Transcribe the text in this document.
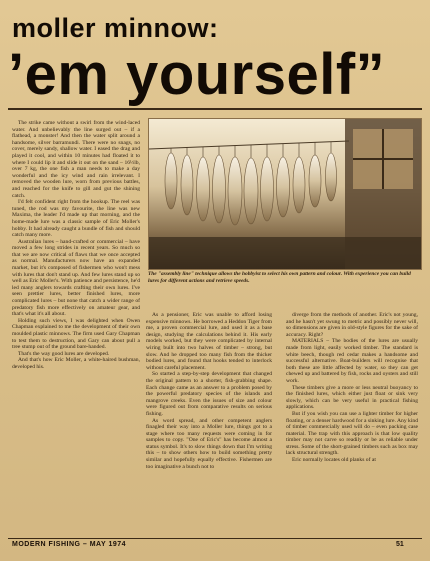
moller minnow:
’em yourself”

The strike came without a swirl from the wind-laced water. And unbelievably the line surged out – if a flathead, a monster! And then the water split around a handsome, silver barramundi. There were no snags, no cover, merely sandy, shallow water. I eased the drag and played it cool, and within 10 minutes had floated it to where I could lip it and slide it out on the sand – 16½lb, over 7 kg, the one fish a man needs to make a day wonderful and the icy wind and rain irrelevant. I removed the wooden lure, worn from previous battles, and reached for the knife to gill and gut the shining catch.

I'd felt confident right from the hookup. The reel was tuned, the rod was my favourite, the line was new Maxima, the leader I'd made up that morning, and the home-made lure was a classic sample of Eric Moller's hobby. It had already caught a bundle of fish and should catch many more.

Australian lures – hand-crafted or commercial – have moved a few long strides in recent years. So much so that we are now critical of flaws that we once accepted as normal. Manufacturers now have an expanded market, but it's composed of fishermen who won't mess with lures that don't stand up. And few lures stand up so well as Eric Moller's. With patience and persistence, he'd led many anglers towards crafting their own lures. I've seen prettier lures, better finished lures, more complicated lures – but none that catch a wider range of predatory fish more effectively on amateur gear, and that's what it's all about.

Holding such views, I was delighted when Owen Chapman explained to me the development of their own moulded plastic minnows. The firm used Gary Chapman to test them to destruction, and Gary can about pull a tree stump out of the ground bare-handed.

That's the way good lures are developed.

And that's how Eric Moller, a white-haired bushman, developed his.

The "assembly line" technique allows the hobbyist to select his own pattern and colour. With experience you can build lures for different actions and retrieve speeds.

As a pensioner, Eric was unable to afford losing expensive minnows. He borrowed a Heddon Tiger from me, a proven commercial lure, and used it as a base design, studying the calculations behind it. His early models worked, but they were complicated by internal wiring built into two halves of timber – strong, but slow. And he dropped too many fish from the thicker bodied lures, and found that hooks tended to interlock without careful placement.

So started a step-by-step development that changed the original pattern to a shorter, fish-grabbing shape. Each change came as an answer to a problem posed by the powerful predatory species of the islands and mangrove creeks. Even the issues of size and colour were figured out from comparative results on serious fishing.

As word spread, and other competent anglers finagled their way into a Moller lure, things got to a stage where too many requests were coming in for samples to copy. "One of Eric's" has become almost a status symbol. It's to slow things down that I'm writing this – to show others how to build something pretty similar and hopefully equally effective. Fishermen are too imaginative a bunch not to

diverge from the methods of another. Eric's not young, and he hasn't yet swung to metric and possibly never will, so dimensions are given in old-style figures for the sake of accuracy. Right?

MATERIALS – The bodies of the lures are usually made from light, easily worked timber. The standard is white beech, though red cedar makes a handsome and successful alternative. Boat-builders will recognise that both these are little affected by water, so they can get chewed up and battered by fish, rocks and oysters and still work.

These timbers give a more or less neutral buoyancy to the finished lures, which either just float or sink very slowly, which can be very useful in practical fishing applications.

But if you wish you can use a lighter timber for higher floating, or a denser hardwood for a sinking lure. Any kind of timber commercially used will do – even packing case material. The trap with this approach is that low quality timber may not carve so readily or be as reliable under stress. Some of the short-grained timbers such as box may lack structural strength.

Eric normally locates old planks of at

MODERN FISHING – MAY 1974	51
